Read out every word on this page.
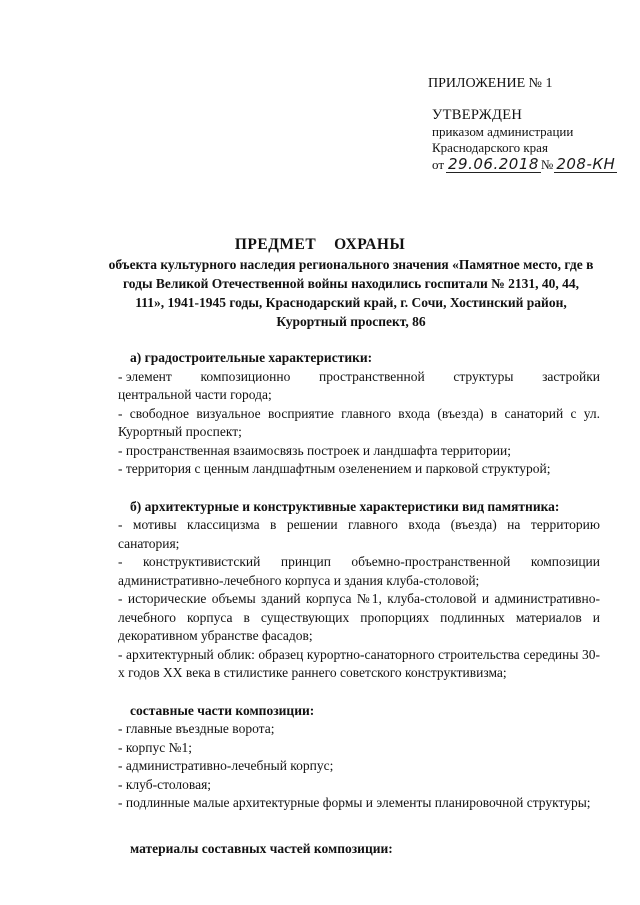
ПРИЛОЖЕНИЕ № 1
УТВЕРЖДЕН
приказом администрации
Краснодарского края
от 29.06.2018 № 208-КН
ПРЕДМЕТ ОХРАНЫ
объекта культурного наследия регионального значения «Памятное место, где в годы Великой Отечественной войны находились госпитали № 2131, 40, 44, 111», 1941-1945 годы, Краснодарский край, г. Сочи, Хостинский район, Курортный проспект, 86
а) градостроительные характеристики:
- элемент композиционно пространственной структуры застройки
центральной части города;

- свободное визуальное восприятие главного входа (въезда) в санаторий с ул. Курортный проспект;

- пространственная взаимосвязь построек и ландшафта территории;

- территория с ценным ландшафтным озеленением и парковой структурой;

б) архитектурные и конструктивные характеристики вид памятника:

- мотивы классицизма в решении главного входа (въезда) на территорию санатория;

- конструктивистский принцип объемно-пространственной композиции административно-лечебного корпуса и здания клуба-столовой;

- исторические объемы зданий корпуса №1, клуба-столовой и административно-лечебного корпуса в существующих пропорциях подлинных материалов и декоративном убранстве фасадов;

- архитектурный облик: образец курортно-санаторного строительства середины 30-х годов XX века в стилистике раннего советского конструктивизма;

составные части композиции:

- главные въездные ворота;

- корпус №1;

- административно-лечебный корпус;

- клуб-столовая;

- подлинные малые архитектурные формы и элементы планировочной структуры;

материалы составных частей композиции:
